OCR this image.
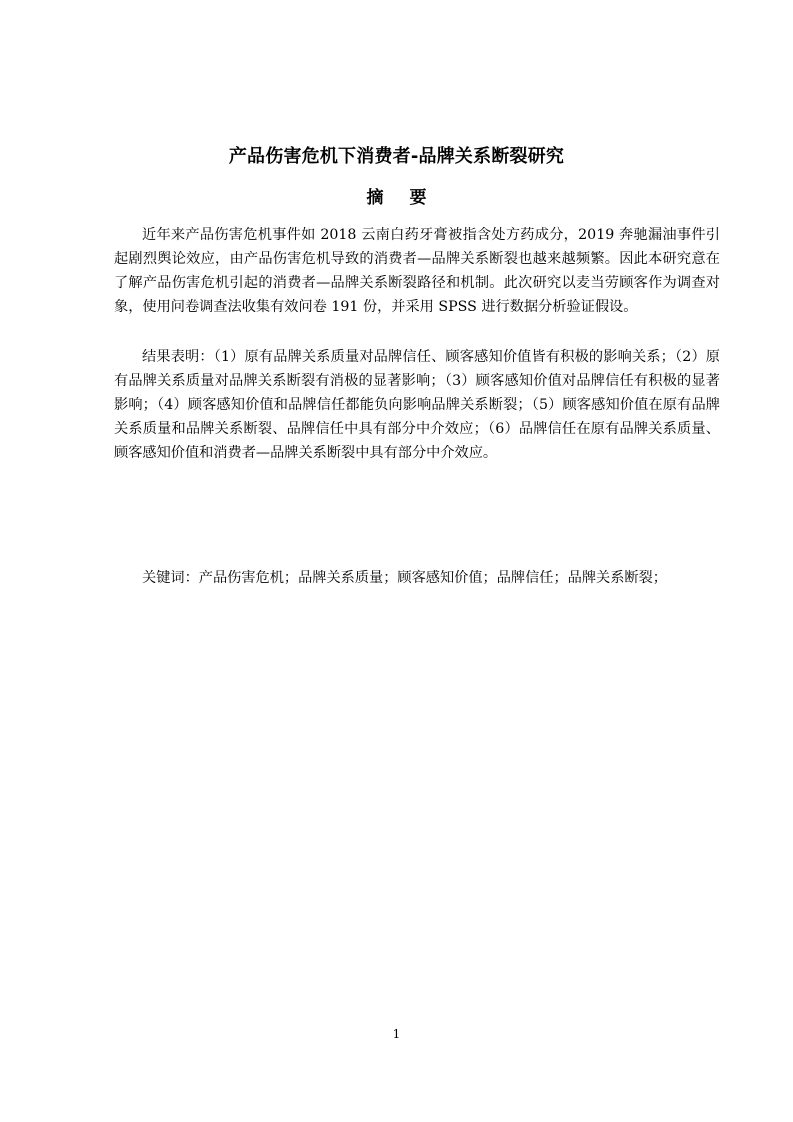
产品伤害危机下消费者-品牌关系断裂研究
摘 要

近年来产品伤害危机事件如 2018 云南白药牙膏被指含处方药成分，2019 奔驰漏油事件引起剧烈舆论效应，由产品伤害危机导致的消费者—品牌关系断裂也越来越频繁。因此本研究意在了解产品伤害危机引起的消费者—品牌关系断裂路径和机制。此次研究以麦当劳顾客作为调查对象，使用问卷调查法收集有效问卷 191 份，并采用 SPSS 进行数据分析验证假设。

结果表明：（1）原有品牌关系质量对品牌信任、顾客感知价值皆有积极的影响关系；（2）原有品牌关系质量对品牌关系断裂有消极的显著影响；（3）顾客感知价值对品牌信任有积极的显著影响；（4）顾客感知价值和品牌信任都能负向影响品牌关系断裂；（5）顾客感知价值在原有品牌关系质量和品牌关系断裂、品牌信任中具有部分中介效应；（6）品牌信任在原有品牌关系质量、顾客感知价值和消费者—品牌关系断裂中具有部分中介效应。

关键词：产品伤害危机；品牌关系质量；顾客感知价值；品牌信任；品牌关系断裂；

1
